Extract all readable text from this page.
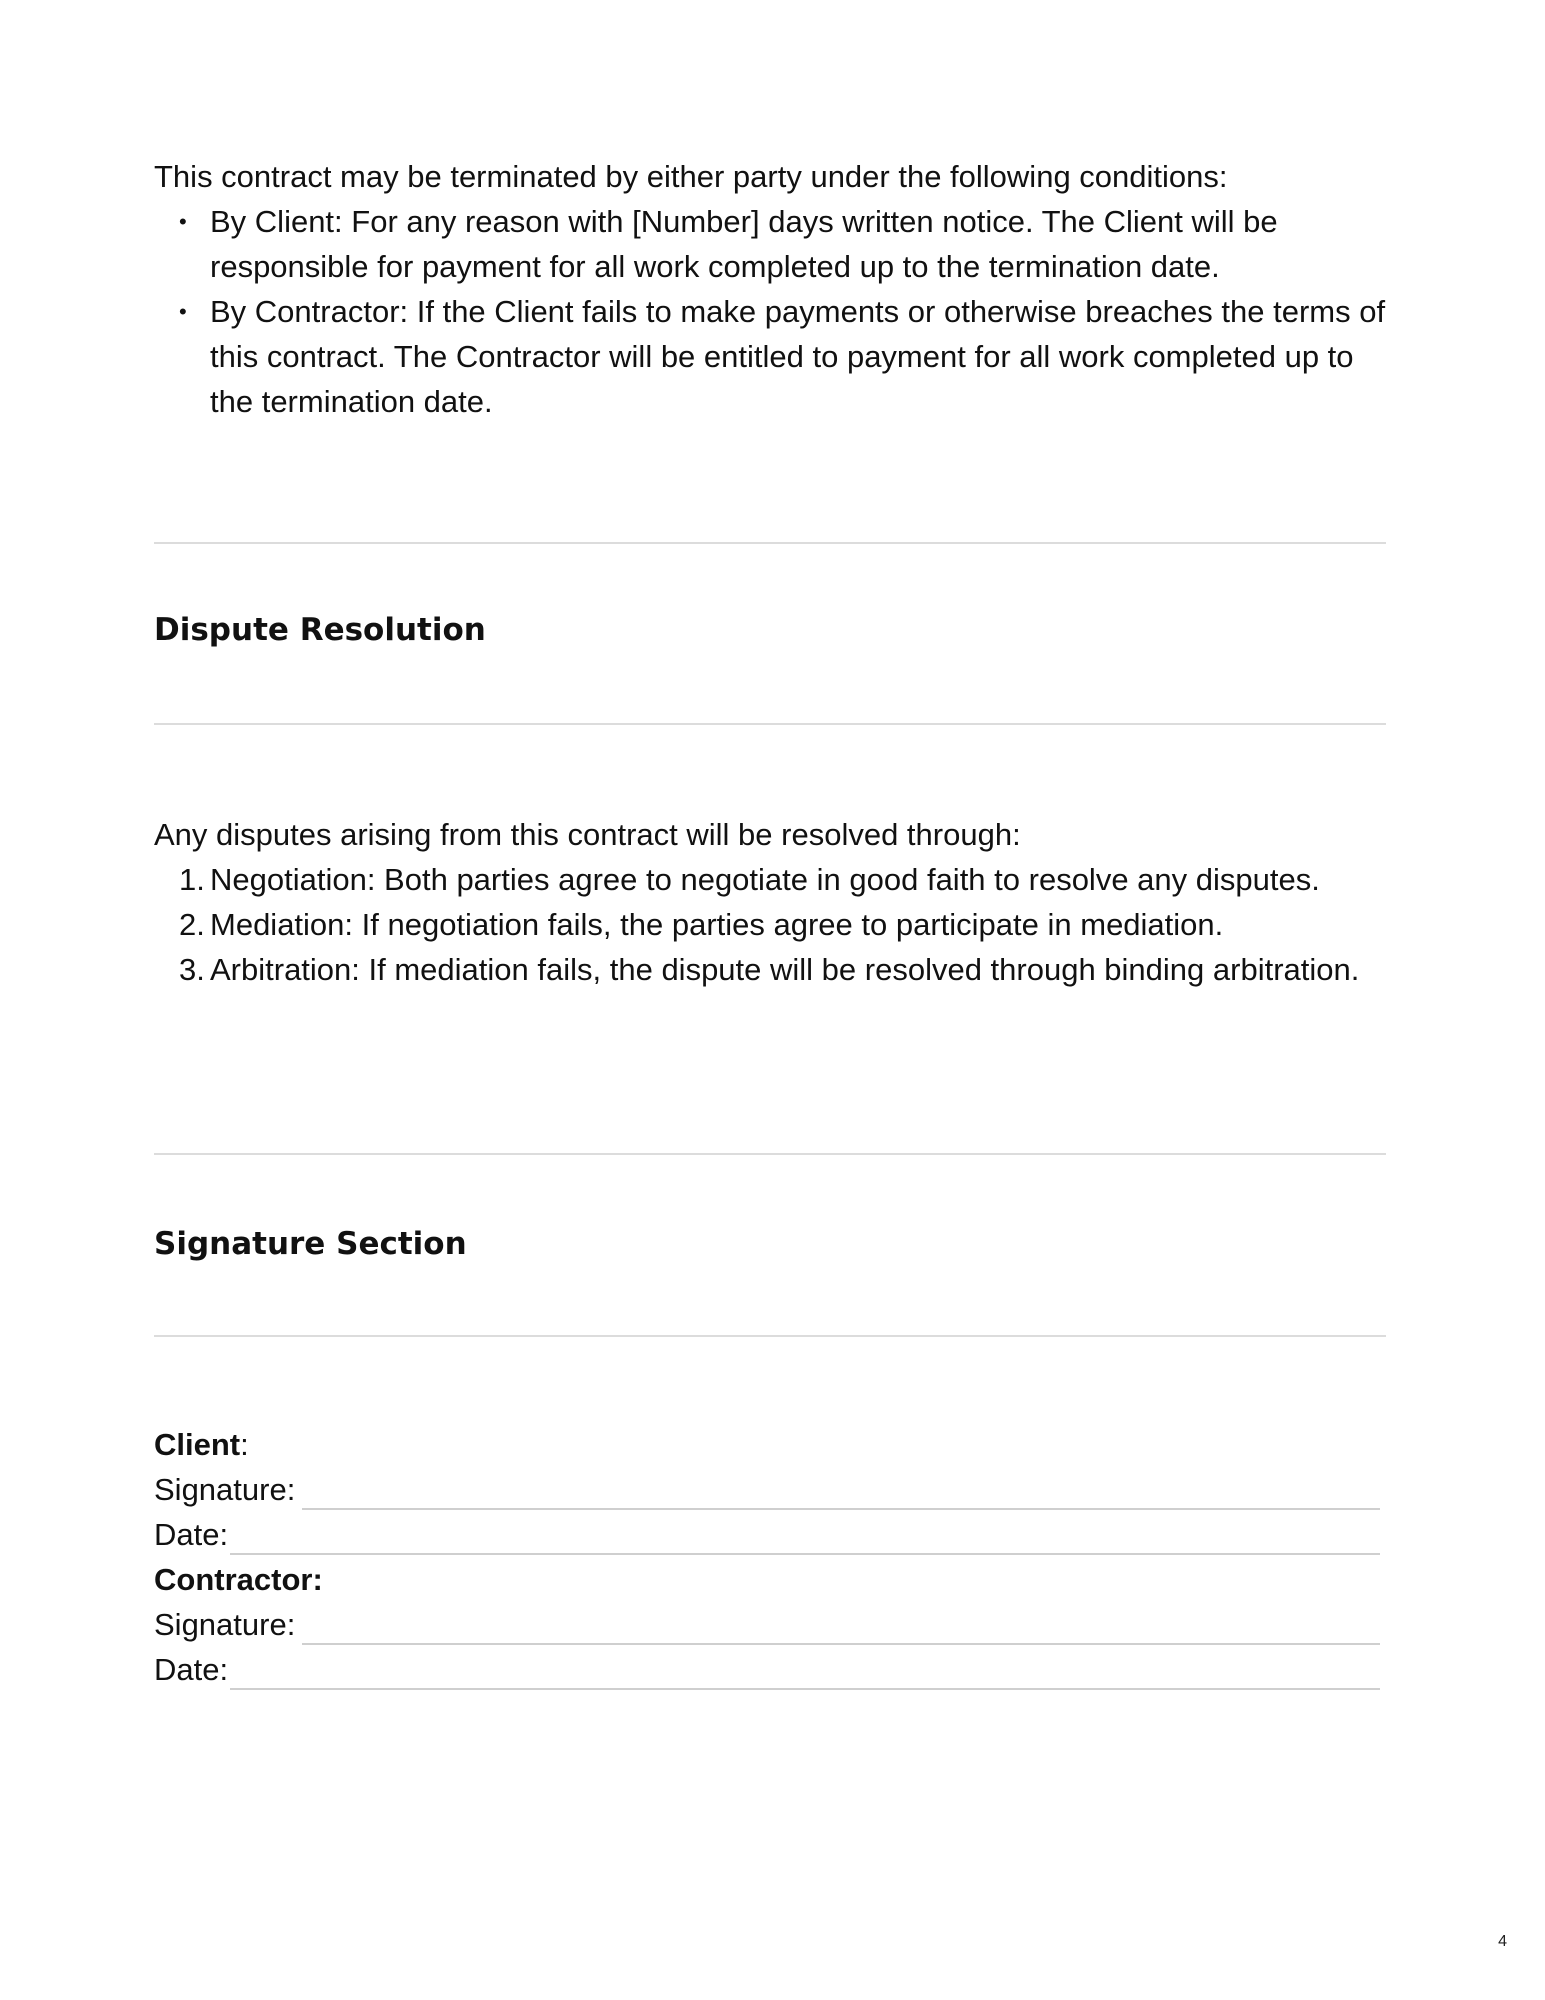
This contract may be terminated by either party under the following conditions:

• By Client: For any reason with [Number] days written notice. The Client will be responsible for payment for all work completed up to the termination date.
• By Contractor: If the Client fails to make payments or otherwise breaches the terms of this contract. The Contractor will be entitled to payment for all work completed up to the termination date.
Dispute Resolution

Any disputes arising from this contract will be resolved through:

1. Negotiation: Both parties agree to negotiate in good faith to resolve any disputes.
2. Mediation: If negotiation fails, the parties agree to participate in mediation.
3. Arbitration: If mediation fails, the dispute will be resolved through binding arbitration.
Signature Section
Client:
Signature:
Date:
Contractor:
Signature:
Date:
4
